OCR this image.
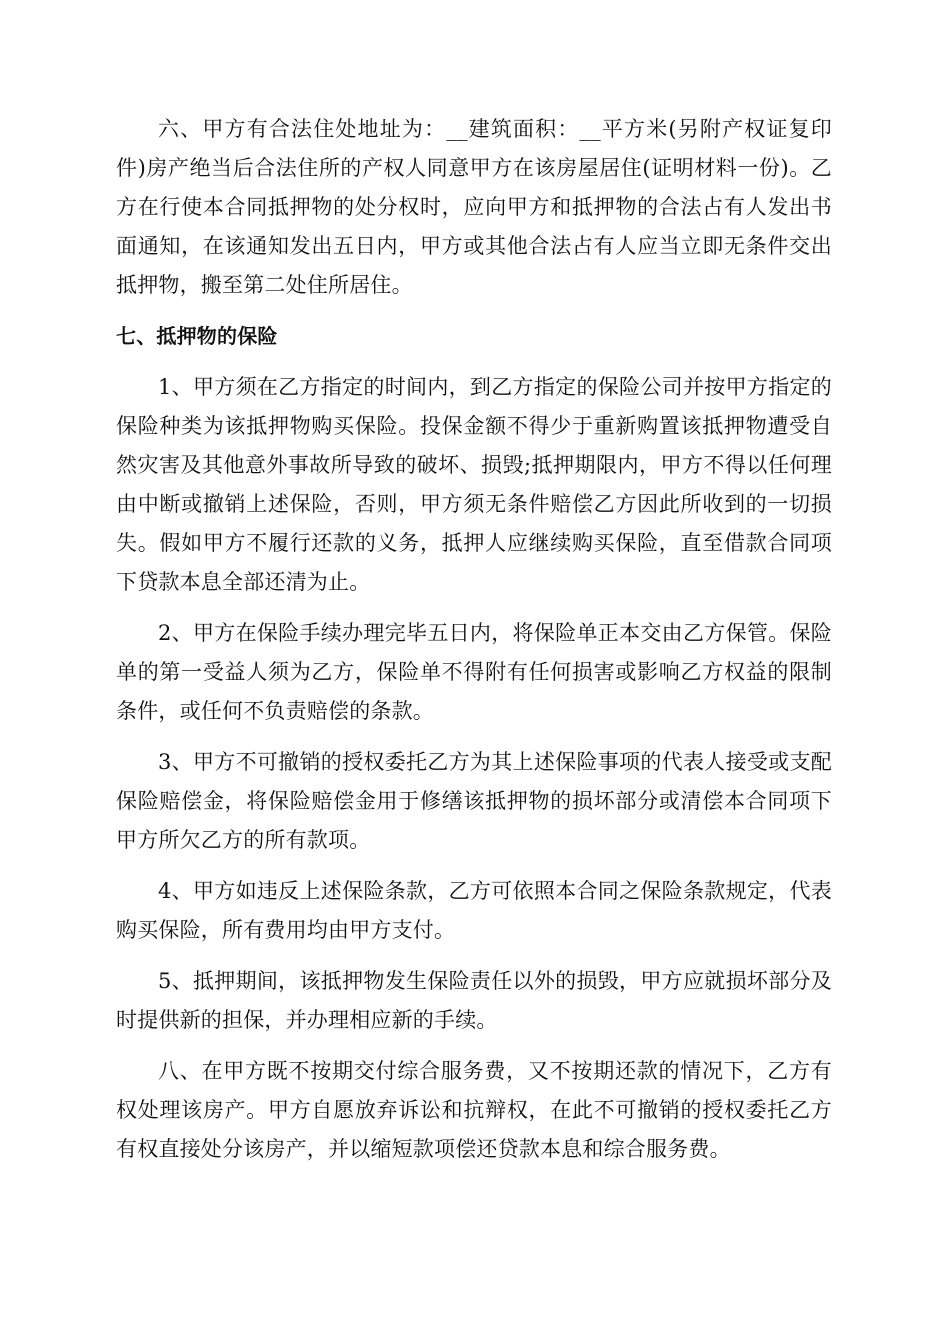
六、甲方有合法住处地址为：__建筑面积：__平方米(另附产权证复印件)房产绝当后合法住所的产权人同意甲方在该房屋居住(证明材料一份)。乙方在行使本合同抵押物的处分权时，应向甲方和抵押物的合法占有人发出书面通知，在该通知发出五日内，甲方或其他合法占有人应当立即无条件交出抵押物，搬至第二处住所居住。

七、抵押物的保险

1、甲方须在乙方指定的时间内，到乙方指定的保险公司并按甲方指定的保险种类为该抵押物购买保险。投保金额不得少于重新购置该抵押物遭受自然灾害及其他意外事故所导致的破坏、损毁;抵押期限内，甲方不得以任何理由中断或撤销上述保险，否则，甲方须无条件赔偿乙方因此所收到的一切损失。假如甲方不履行还款的义务，抵押人应继续购买保险，直至借款合同项下贷款本息全部还清为止。

2、甲方在保险手续办理完毕五日内，将保险单正本交由乙方保管。保险单的第一受益人须为乙方，保险单不得附有任何损害或影响乙方权益的限制条件，或任何不负责赔偿的条款。

3、甲方不可撤销的授权委托乙方为其上述保险事项的代表人接受或支配保险赔偿金，将保险赔偿金用于修缮该抵押物的损坏部分或清偿本合同项下甲方所欠乙方的所有款项。

4、甲方如违反上述保险条款，乙方可依照本合同之保险条款规定，代表购买保险，所有费用均由甲方支付。

5、抵押期间，该抵押物发生保险责任以外的损毁，甲方应就损坏部分及时提供新的担保，并办理相应新的手续。

八、在甲方既不按期交付综合服务费，又不按期还款的情况下，乙方有权处理该房产。甲方自愿放弃诉讼和抗辩权，在此不可撤销的授权委托乙方有权直接处分该房产，并以缩短款项偿还贷款本息和综合服务费。
